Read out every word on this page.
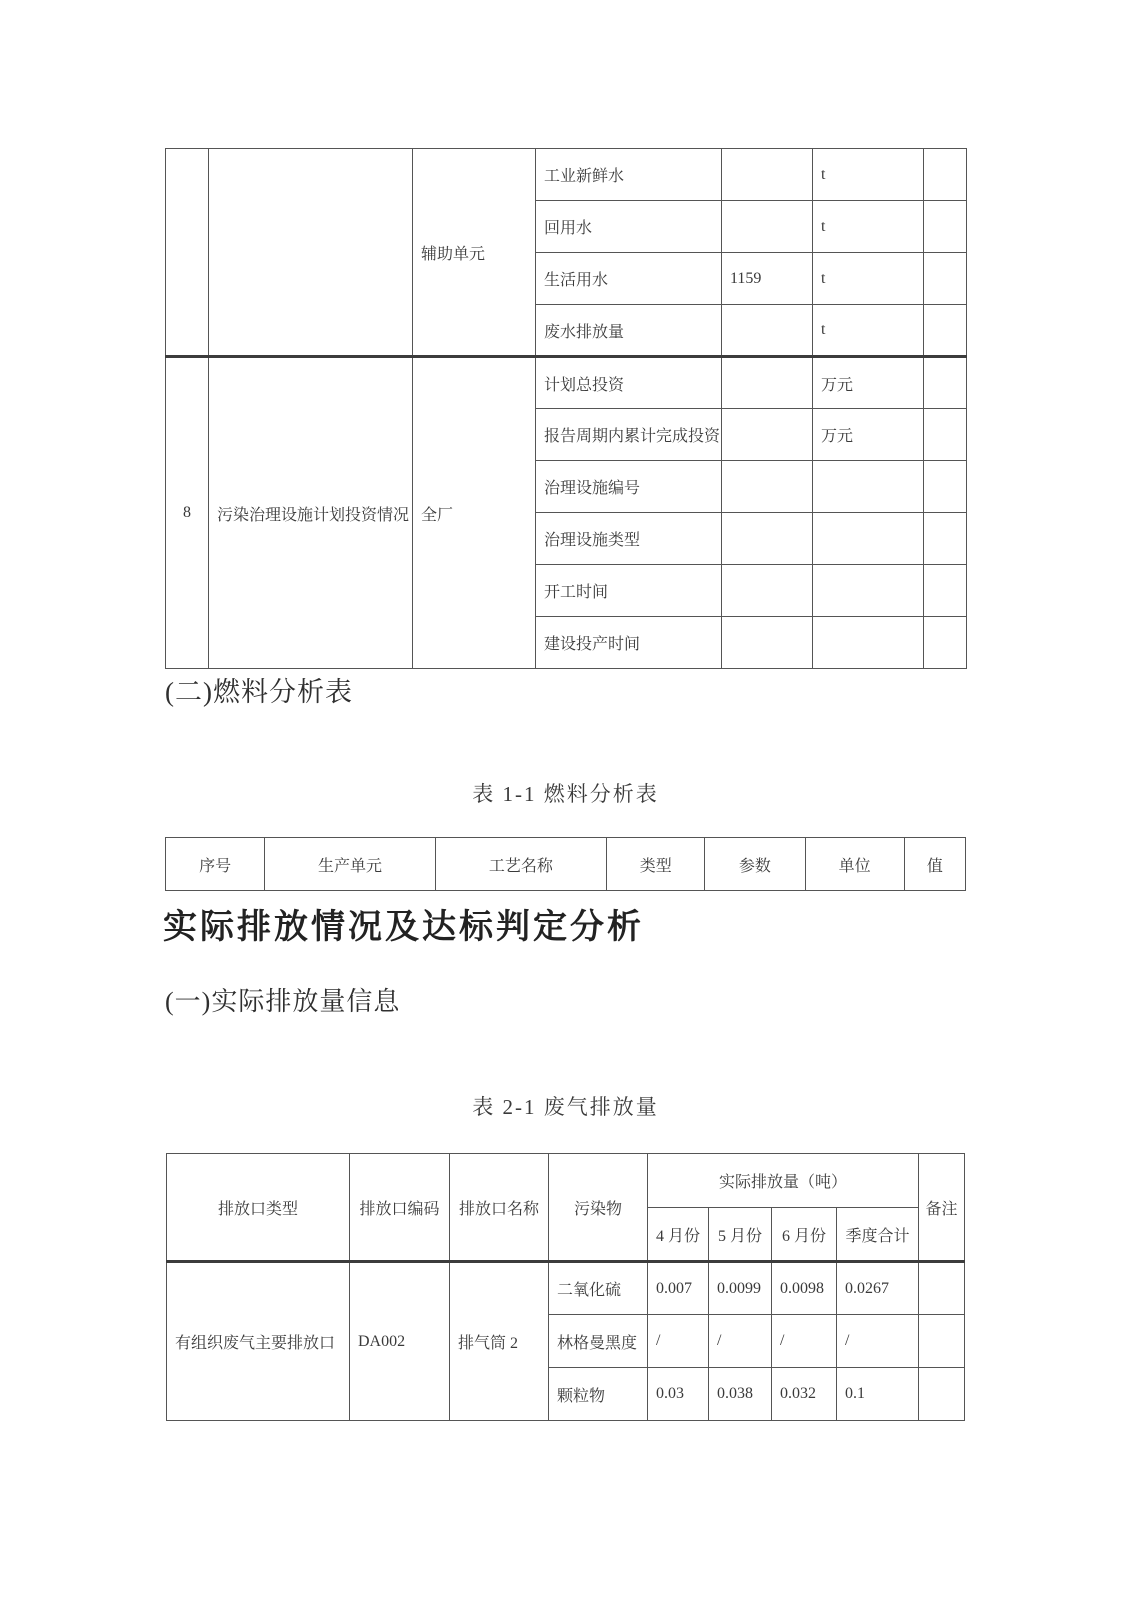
		辅助单元	工业新鲜水		t	
			回用水		t	
			生活用水	1159	t	
			废水排放量		t	
8	污染治理设施计划投资情况	全厂	计划总投资		万元	
			报告周期内累计完成投资		万元	
			治理设施编号			
			治理设施类型			
			开工时间			
			建设投产时间			
(二)燃料分析表
表 1-1 燃料分析表
序号	生产单元	工艺名称	类型	参数	单位	值
实际排放情况及达标判定分析
(一)实际排放量信息
表 2-1 废气排放量
排放口类型	排放口编码	排放口名称	污染物	实际排放量（吨）				备注
				4 月份	5 月份	6 月份	季度合计	
有组织废气主要排放口	DA002	排气筒 2	二氧化硫	0.007	0.0099	0.0098	0.0267	
			林格曼黑度	/	/	/	/	
			颗粒物	0.03	0.038	0.032	0.1	
